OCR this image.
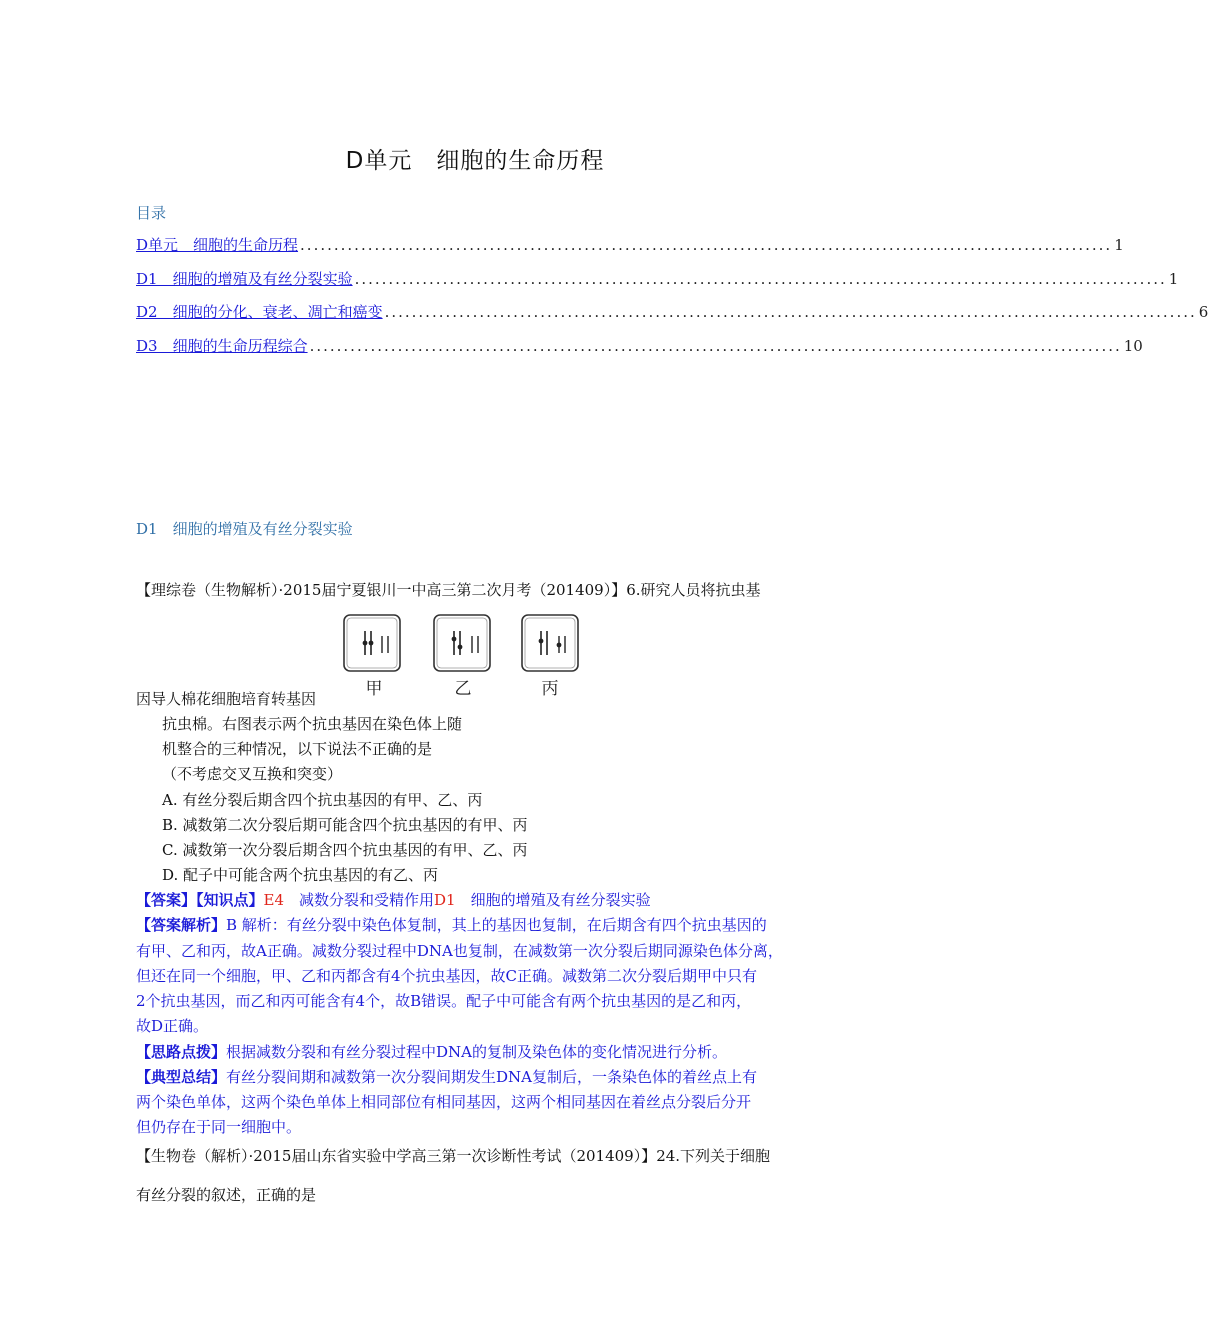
D单元　细胞的生命历程
目录
D单元　细胞的生命历程 ........................................................................................................................ 1
D1　细胞的增殖及有丝分裂实验 ........................................................................................................................ 1
D2　细胞的分化、衰老、凋亡和癌变 ........................................................................................................................ 6
D3　细胞的生命历程综合 ........................................................................................................................ 10
D1　细胞的增殖及有丝分裂实验
【理综卷（生物解析）·2015届宁夏银川一中高三第二次月考（201409）】6.研究人员将抗虫基
甲	乙	丙
因导人棉花细胞培育转基因
抗虫棉。右图表示两个抗虫基因在染色体上随
机整合的三种情况，以下说法不正确的是
（不考虑交叉互换和突变）
A. 有丝分裂后期含四个抗虫基因的有甲、乙、丙
B. 减数第二次分裂后期可能含四个抗虫基因的有甲、丙
C. 减数第一次分裂后期含四个抗虫基因的有甲、乙、丙
D. 配子中可能含两个抗虫基因的有乙、丙
【答案】【知识点】E4　减数分裂和受精作用D1　细胞的增殖及有丝分裂实验
【答案解析】B 解析：有丝分裂中染色体复制，其上的基因也复制，在后期含有四个抗虫基因的
有甲、乙和丙，故A正确。减数分裂过程中DNA也复制，在减数第一次分裂后期同源染色体分离，
但还在同一个细胞，甲、乙和丙都含有4个抗虫基因，故C正确。减数第二次分裂后期甲中只有
2个抗虫基因，而乙和丙可能含有4个，故B错误。配子中可能含有两个抗虫基因的是乙和丙，
故D正确。
【思路点拨】根据减数分裂和有丝分裂过程中DNA的复制及染色体的变化情况进行分析。
【典型总结】有丝分裂间期和减数第一次分裂间期发生DNA复制后，一条染色体的着丝点上有
两个染色单体，这两个染色单体上相同部位有相同基因，这两个相同基因在着丝点分裂后分开
但仍存在于同一细胞中。
【生物卷（解析）·2015届山东省实验中学高三第一次诊断性考试（201409）】24.下列关于细胞
有丝分裂的叙述，正确的是
